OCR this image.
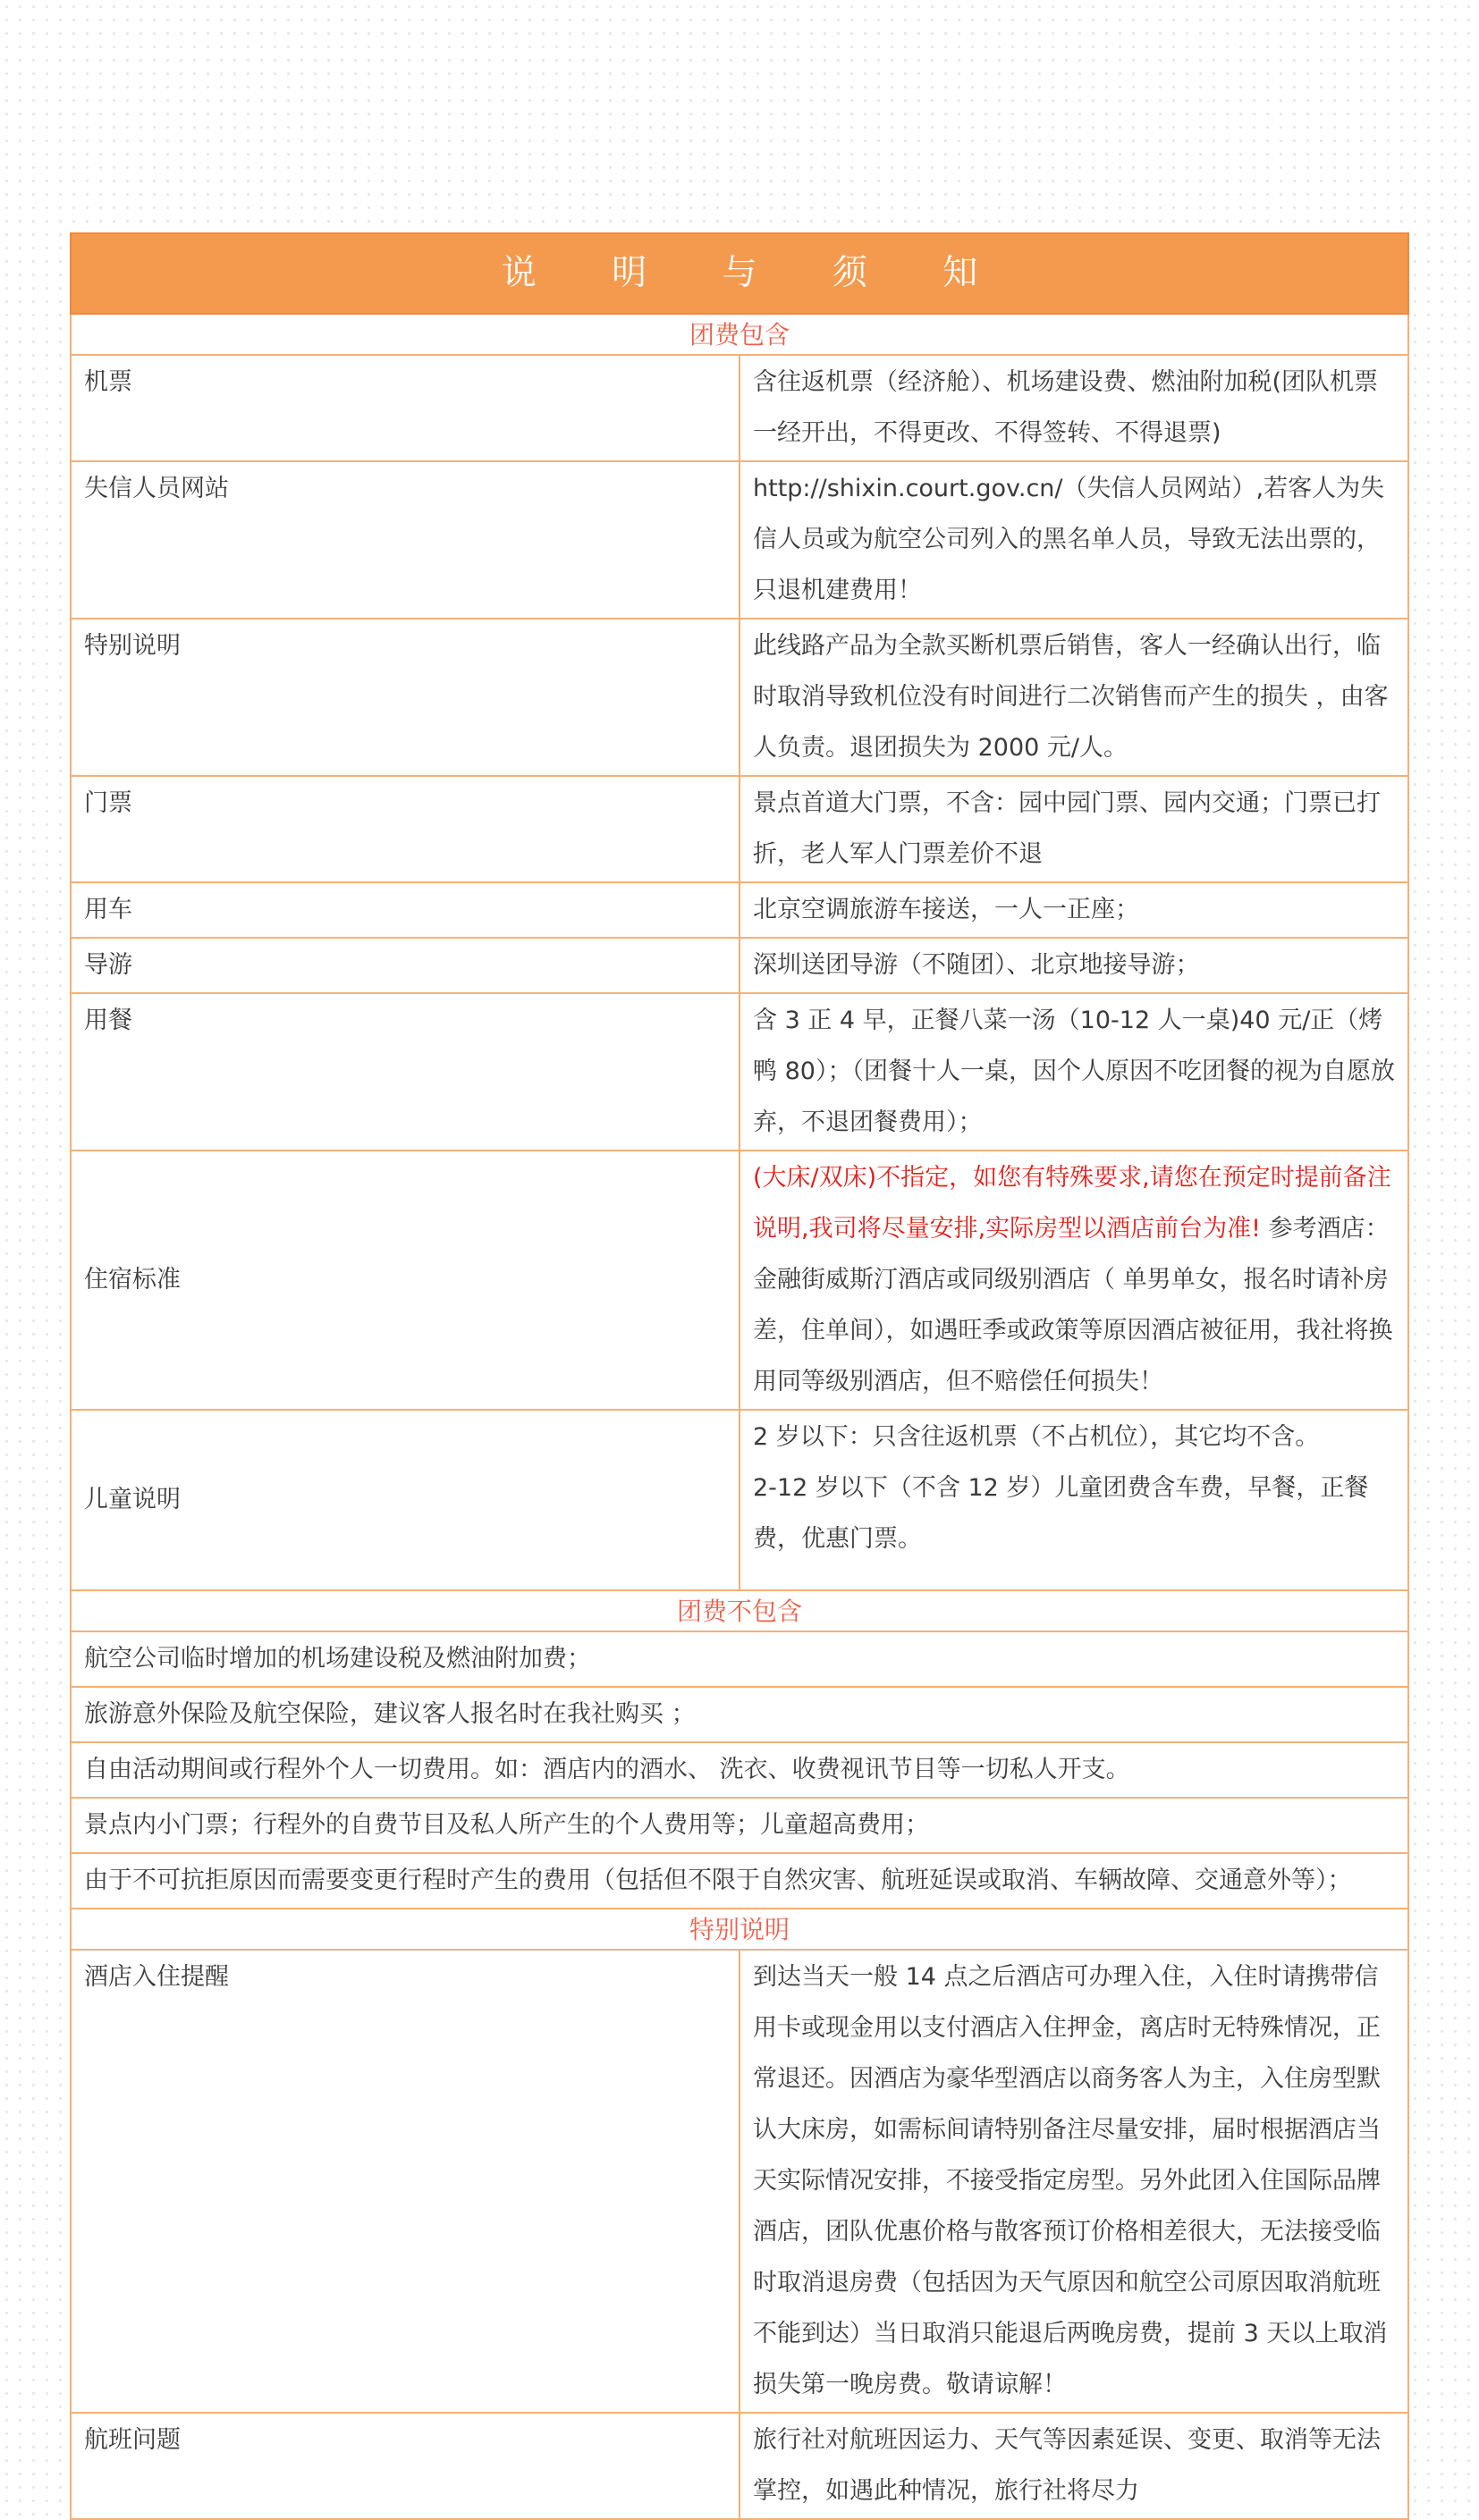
说 明 与 须 知	
团费包含	
机票	含往返机票（经济舱）、机场建设费、燃油附加税(团队机票一经开出，不得更改、不得签转、不得退票)
失信人员网站	http://shixin.court.gov.cn/（失信人员网站）,若客人为失信人员或为航空公司列入的黑名单人员，导致无法出票的，只退机建费用！
特别说明	此线路产品为全款买断机票后销售，客人一经确认出行，临时取消导致机位没有时间进行二次销售而产生的损失 ，由客人负责。退团损失为 2000 元/人。
门票	景点首道大门票，不含：园中园门票、园内交通；门票已打折，老人军人门票差价不退
用车	北京空调旅游车接送，一人一正座；
导游	深圳送团导游（不随团）、北京地接导游；
用餐	含 3 正 4 早，正餐八菜一汤（10-12 人一桌)40 元/正（烤鸭 80）；（团餐十人一桌，因个人原因不吃团餐的视为自愿放弃，不退团餐费用）；
住宿标准	(大床/双床)不指定，如您有特殊要求,请您在预定时提前备注说明,我司将尽量安排,实际房型以酒店前台为准! 参考酒店：金融街威斯汀酒店或同级别酒店（ 单男单女，报名时请补房差，住单间），如遇旺季或政策等原因酒店被征用，我社将换用同等级别酒店，但不赔偿任何损失！
儿童说明	2 岁以下：只含往返机票（不占机位），其它均不含。
2-12 岁以下（不含 12 岁）儿童团费含车费，早餐，正餐费，优惠门票。

团费不包含	
航空公司临时增加的机场建设税及燃油附加费；	
旅游意外保险及航空保险，建议客人报名时在我社购买 ；	
自由活动期间或行程外个人一切费用。如：酒店内的酒水、 洗衣、收费视讯节目等一切私人开支。	
景点内小门票；行程外的自费节目及私人所产生的个人费用等；儿童超高费用；	
由于不可抗拒原因而需要变更行程时产生的费用（包括但不限于自然灾害、航班延误或取消、车辆故障、交通意外等）；	
特别说明	
酒店入住提醒	到达当天一般 14 点之后酒店可办理入住，入住时请携带信用卡或现金用以支付酒店入住押金，离店时无特殊情况，正常退还。因酒店为豪华型酒店以商务客人为主，入住房型默认大床房，如需标间请特别备注尽量安排，届时根据酒店当天实际情况安排，不接受指定房型。另外此团入住国际品牌酒店，团队优惠价格与散客预订价格相差很大，无法接受临时取消退房费（包括因为天气原因和航空公司原因取消航班不能到达）当日取消只能退后两晚房费，提前 3 天以上取消损失第一晚房费。敬请谅解！
航班问题	旅行社对航班因运力、天气等因素延误、变更、取消等无法掌控，如遇此种情况，旅行社将尽力
